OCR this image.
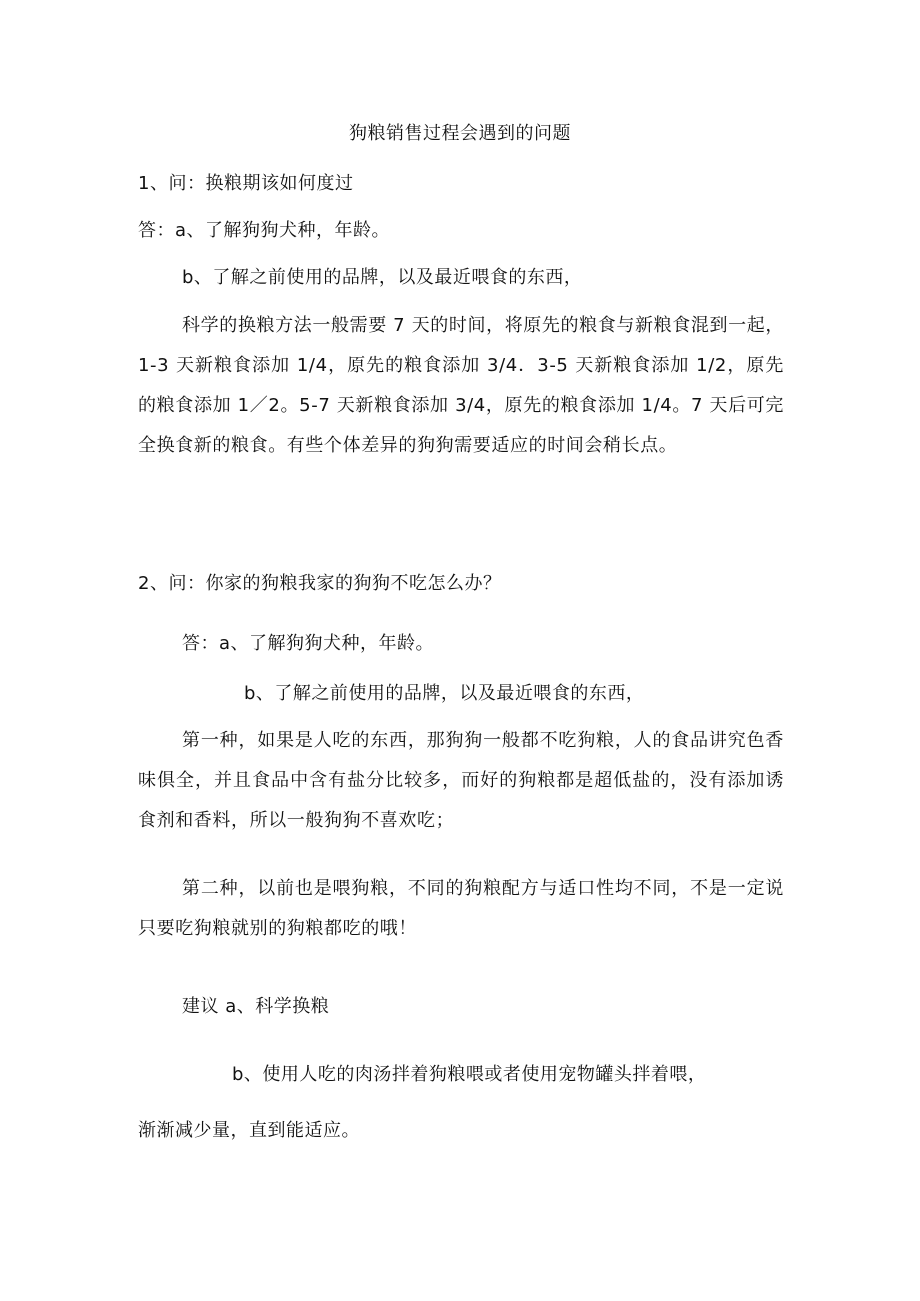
狗粮销售过程会遇到的问题
1、问：换粮期该如何度过
答：a、了解狗狗犬种，年龄。
b、了解之前使用的品牌，以及最近喂食的东西，
科学的换粮方法一般需要 7 天的时间，将原先的粮食与新粮食混到一起，1-3 天新粮食添加 1/4，原先的粮食添加 3/4．3-5 天新粮食添加 1/2，原先的粮食添加 1／2。5-7 天新粮食添加 3/4，原先的粮食添加 1/4。7 天后可完全换食新的粮食。有些个体差异的狗狗需要适应的时间会稍长点。
2、问：你家的狗粮我家的狗狗不吃怎么办？
答：a、了解狗狗犬种，年龄。
b、了解之前使用的品牌，以及最近喂食的东西，
第一种，如果是人吃的东西，那狗狗一般都不吃狗粮，人的食品讲究色香味俱全，并且食品中含有盐分比较多，而好的狗粮都是超低盐的，没有添加诱食剂和香料，所以一般狗狗不喜欢吃；
第二种，以前也是喂狗粮，不同的狗粮配方与适口性均不同，不是一定说只要吃狗粮就别的狗粮都吃的哦！
建议 a、科学换粮
b、使用人吃的肉汤拌着狗粮喂或者使用宠物罐头拌着喂，
渐渐减少量，直到能适应。
